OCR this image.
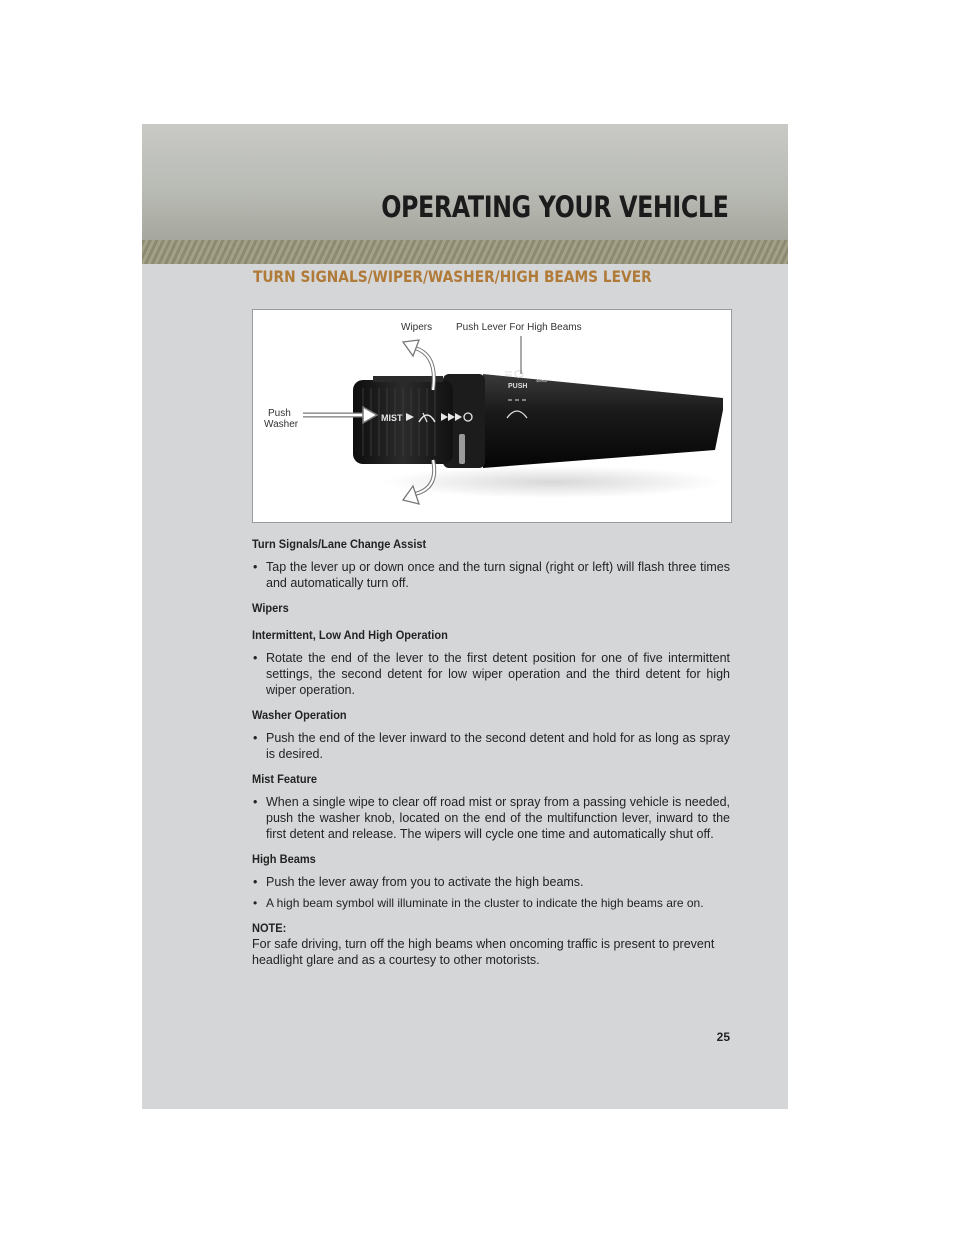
OPERATING YOUR VEHICLE
TURN SIGNALS/WIPER/WASHER/HIGH BEAMS LEVER
MIST
PUSH
⇦⇨
Wipers Push Lever For High Beams
Push
Washer
Turn Signals/Lane Change Assist

• Tap the lever up or down once and the turn signal (right or left) will flash three times and automatically turn off.

Wipers
Intermittent, Low And High Operation

• Rotate the end of the lever to the first detent position for one of five intermittent settings, the second detent for low wiper operation and the third detent for high wiper operation.

Washer Operation

• Push the end of the lever inward to the second detent and hold for as long as spray is desired.

Mist Feature

• When a single wipe to clear off road mist or spray from a passing vehicle is needed, push the washer knob, located on the end of the multifunction lever, inward to the first detent and release. The wipers will cycle one time and automatically shut off.

High Beams

• Push the lever away from you to activate the high beams.

• A high beam symbol will illuminate in the cluster to indicate the high beams are on.

NOTE:

For safe driving, turn off the high beams when oncoming traffic is present to prevent headlight glare and as a courtesy to other motorists.

25
